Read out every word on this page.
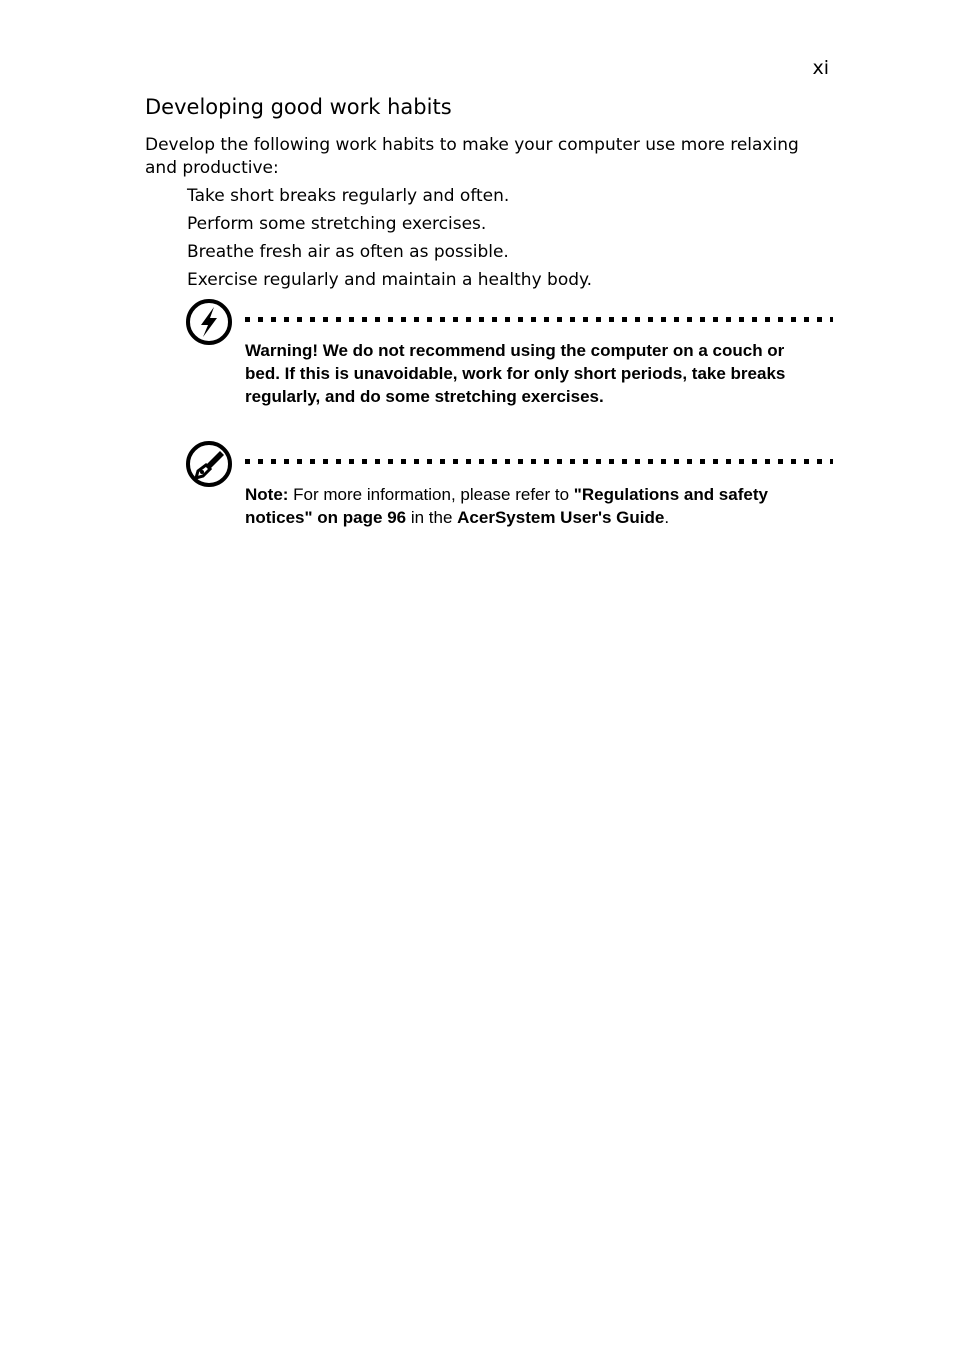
xi
Developing good work habits

Develop the following work habits to make your computer use more relaxing and productive:

Take short breaks regularly and often.
Perform some stretching exercises.
Breathe fresh air as often as possible.
Exercise regularly and maintain a healthy body.
Warning! We do not recommend using the computer on a couch or bed. If this is unavoidable, work for only short periods, take breaks regularly, and do some stretching exercises.
Note: For more information, please refer to "Regulations and safety notices" on page 96 in the AcerSystem User's Guide.
